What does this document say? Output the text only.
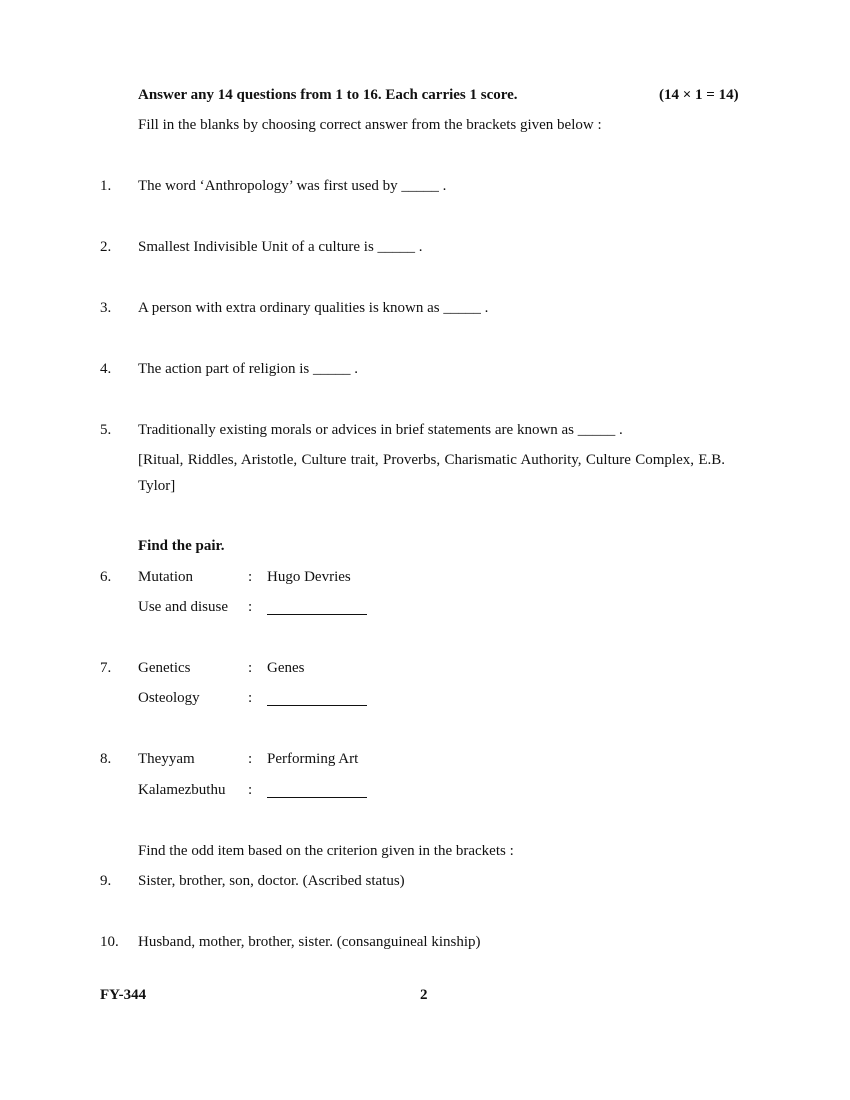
Answer any 14 questions from 1 to 16. Each carries 1 score.	(14 × 1 = 14)
Fill in the blanks by choosing correct answer from the brackets given below :
1. The word ‘Anthropology’ was first used by _____ .
2. Smallest Indivisible Unit of a culture is _____ .
3. A person with extra ordinary qualities is known as _____ .
4. The action part of religion is _____ .
5. Traditionally existing morals or advices in brief statements are known as _____ .
[Ritual, Riddles, Aristotle, Culture trait, Proverbs, Charismatic Authority, Culture Complex, E.B. Tylor]
Find the pair.
6. Mutation	: Hugo Devries
Use and disuse :
7. Genetics	: Genes
Osteology	:
8. Theyyam	: Performing Art
Kalamezbuthu :
Find the odd item based on the criterion given in the brackets :
9. Sister, brother, son, doctor. (Ascribed status)
10. Husband, mother, brother, sister. (consanguineal kinship)
FY-344	2
